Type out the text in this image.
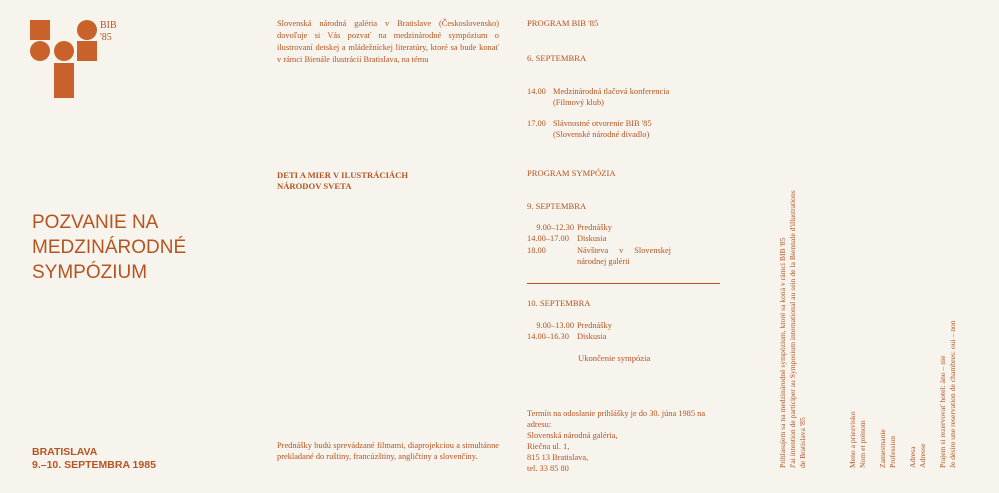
BIB
'85
POZVANIE NA
MEDZINÁRODNÉ
SYMPÓZIUM
BRATISLAVA
9.–10. SEPTEMBRA 1985
Slovenská národná galéria v Bratislave (Československo) dovoľuje si Vás pozvať na medzinárodné sympózium o ilustrovaní detskej a mládežníckej literatúry, ktoré sa bude konať v rámci Bienále ilustrácií Bratislava, na tému
DETI A MIER V ILUSTRÁCIÁCH
NÁRODOV SVETA
Prednášky budú sprevádzané filmami, diaprojekciou a simultánne prekladané do ruštiny, francúzštiny, angličtiny a slovenčiny.
PROGRAM BIB '85
6. SEPTEMBRA
14.00 Medzinárodná tlačová konferencia
(Filmový klub)
17.00 Slávnostné otvorenie BIB '85
(Slovenské národné divadlo)
PROGRAM SYMPÓZIA
9. SEPTEMBRA
9.00–12.30 Prednášky
14.00–17.00 Diskusia
18.00	Návšteva v Slovenskej
národnej galérii
10. SEPTEMBRA
9.00–13.00 Prednášky
14.00–16.30 Diskusia
Ukončenie sympózia
Termín na odoslanie prihlášky je do 30. júna 1985 na
adresu:
Slovenská národná galéria,
Riečna ul. 1,
815 13 Bratislava,
tel. 33 85 80
Prihlasujem sa na medzinárodné sympózium, ktoré sa koná v rámci BIB '85 J'ai intention de participer au Symposium international au sein de la Biennale d'illustrations de Bratislava '85	Meno a priezvisko Nom et prénom Zamestnanie Profession Adresa Adresse Prajem si rezervovať hotel: áno – nie Je désire une reservation de chambres: oui – non
